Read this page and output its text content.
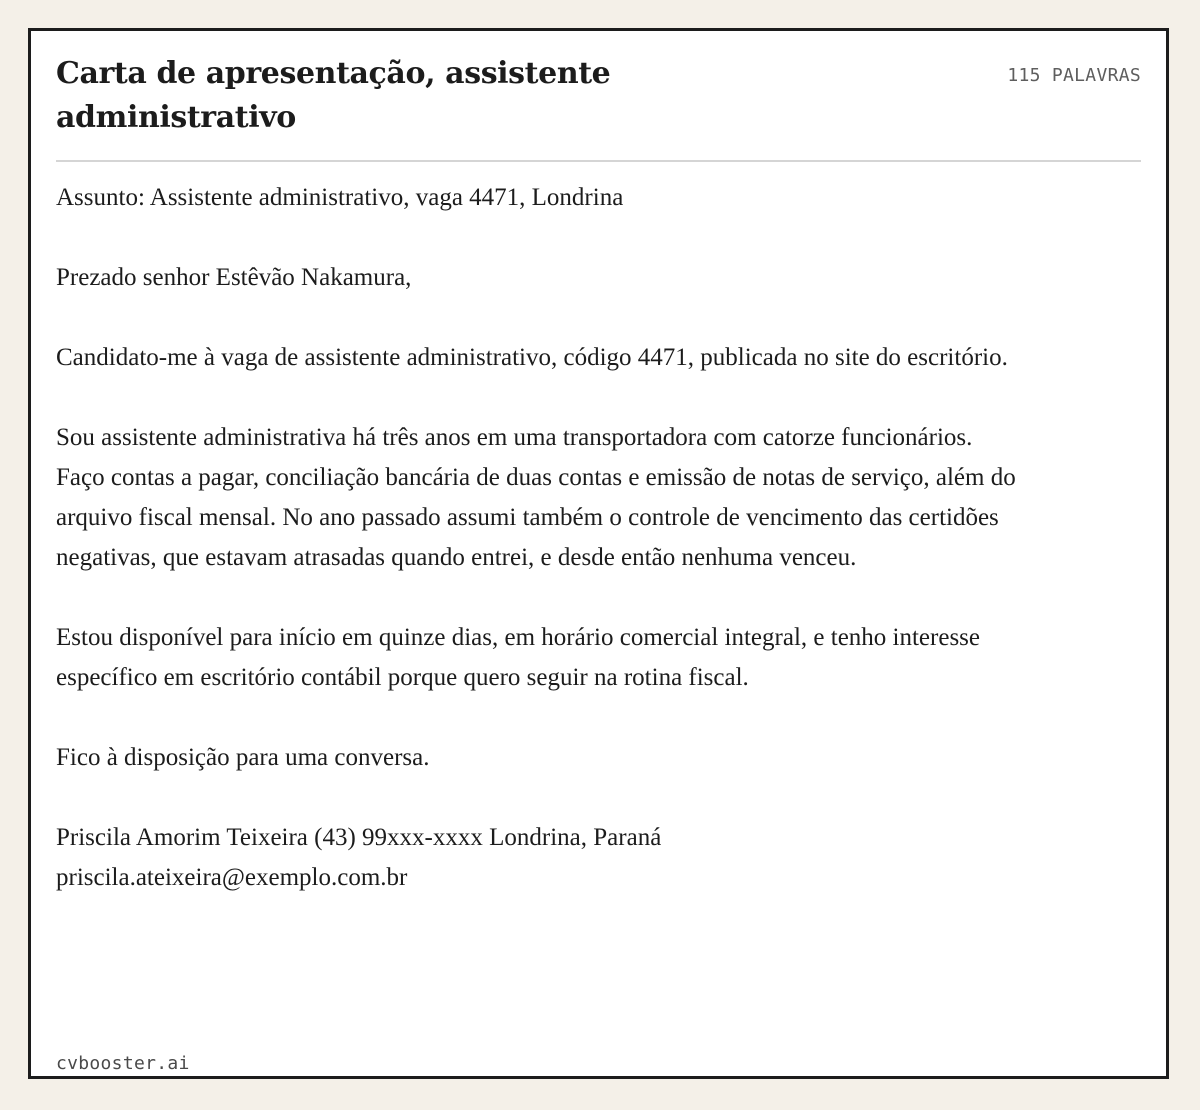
Carta de apresentação, assistente administrativo
115 PALAVRAS

Assunto: Assistente administrativo, vaga 4471, Londrina

Prezado senhor Estêvão Nakamura,

Candidato-me à vaga de assistente administrativo, código 4471, publicada no site do escritório.

Sou assistente administrativa há três anos em uma transportadora com catorze funcionários. Faço contas a pagar, conciliação bancária de duas contas e emissão de notas de serviço, além do arquivo fiscal mensal. No ano passado assumi também o controle de vencimento das certidões negativas, que estavam atrasadas quando entrei, e desde então nenhuma venceu.

Estou disponível para início em quinze dias, em horário comercial integral, e tenho interesse específico em escritório contábil porque quero seguir na rotina fiscal.

Fico à disposição para uma conversa.

Priscila Amorim Teixeira (43) 99xxx-xxxx Londrina, Paraná
priscila.ateixeira@exemplo.com.br

cvbooster.ai
